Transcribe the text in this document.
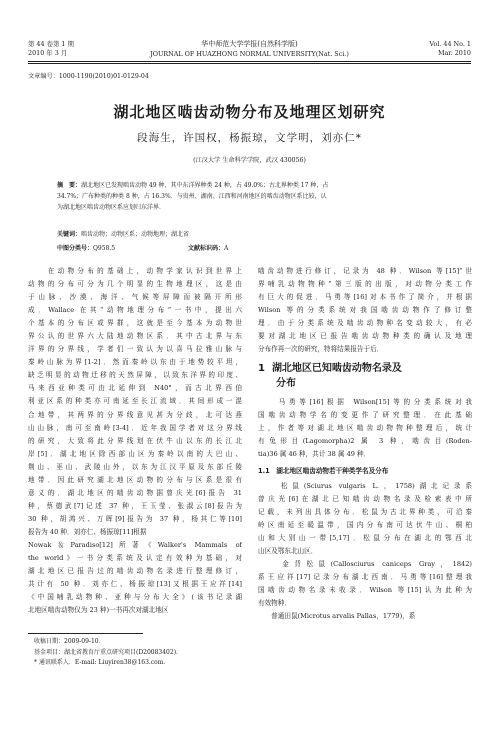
第 44 卷第 1 期
2010 年 3 月
华中师范大学学报(自然科学版)
JOURNAL OF HUAZHONG NORMAL UNIVERSITY(Nat. Sci.)
Vol. 44 No. 1
Mar. 2010
文章编号：1000-1190(2010)01-0129-04
湖北地区啮齿动物分布及地理区划研究
段海生，许国权，杨振琼，文学明，刘亦仁*
(江汉大学 生命科学学院，武汉 430056)
摘　要：湖北地区已发现啮齿动物 49 种，其中东洋界种类 24 种，占 49.0%；古北界种类 17 种，占
34.7%；广布种类的种类 8 种，占 16.3%．与贵州、湖南、江西和河南地区的啮齿动物区系比较，认
为湖北地区啮齿动物区系应划归东洋界．
关键词：啮齿动物；动物区系；动物地理；湖北省
中图分类号：Q958.5	文献标识码：A
　　在动物分布的基础上，动物学家认识到世界上
动物的分布可分为几个明显的生物地理区，这是由
于山脉、沙漠、海洋、气候等屏障而被隔开所形
成．Wallace 在其“动物地理分布”一书中，提出六
个基本的分布区或界群，这就是至今基本为动物世
界公认的世界六大陆地动物区系．其中古北界与东
洋界的分界线，学者们一致认为以喜马拉雅山脉与
秦岭山脉为界[1-2]．然而秦岭以东由于地势较平坦，
缺乏明显的动物迁移的天然屏障，以致东洋界的印度、
马来西亚种类可由北延伸到 N40°，而古北界西伯
利亚区系的种类亦可南延至长江流域．其间形成一混
合地带，其两界的分界线意见甚为分歧，北可达燕
山山脉，南可至南岭[3-4]．近年我国学者对这分界线
的研究，大致将此分界线划在伏牛山以东的长江北
岸[5]．湖北地区除西部山区为秦岭以南的大巴山、
荆山、巫山、武陵山外，以东为江汉平原及东部丘陵
地带．因此研究湖北地区动物的分布与区系是很有
意义的．湖北地区的啮齿动物据曾庆光[6]报告 31
种，蔡德武[7]记述 37 种，王玉莹、张淑云[8]报告为
30 种，胡鸿兴、万晖[9]报告为 37 种，杨其仁等[10]
报告为 40 种．刘亦仁、杨振琼[11]根据
Nowak＆Paradiso[12]所著《Walker's Mammals of
the world》一书分类系统及认定有效种为基础，对
湖北地区已报告过的啮齿动物名录进行整理修订，
共计有 50 种．刘亦仁、杨振琼[13]又根据王应祥[14]
《中国哺乳动物种、亚种与分布大全》(该书记录湖
北地区啮齿动物仅为 23 种)一书再次对湖北地区
啮齿动物进行修订，记录为 48 种．Wilson 等[15]“世
界哺乳动物物种”第三版的出版，对动物分类工作
有巨大的促进．马勇等[16]对本书作了简介，并根据
Wilson 等的分类系统对我国啮齿动物作了修订整
理．由于分类系统及啮齿动物种名变动较大，有必
要对湖北地区已报告啮齿动物种类的确认及地理
分布作再一次的研究，特将结果报告于后．
1 湖北地区已知啮齿动物名录及
分布
　　马勇等[16]根据 Wilson[15]等的分类系统对我
国啮齿动物学名的变更作了研究整理．在此基础
上，作者等对湖北地区啮齿动物物种整理后，统计
有兔形目(Lagomorpha)2 属 3 种，啮齿目(Roden-
tia)36 属 46 种，共计 38 属 49 种．
1.1　湖北地区啮齿动物若干种类学名及分布
　　松鼠(Sciurus vulgaris L.，1758)湖北记录系
曾庆光[6]在湖北已知啮齿动物名录及检索表中所
记载，未列出具体分布．松鼠为古北界种类，可沿秦
岭区南延至暖温带，国内分布南可达伏牛山、桐柏
山和大别山一带[5,17]．松鼠分布在湖北的鄂西北
山区及鄂东北山区．
　　金背松鼠(Callosciurus caniceps Gray，1842)
系王应祥[17]记录分布湖北西南．马勇等[16]整理我
国啮齿动物名录未收录．Wilson 等[15]认为此种为
有效物种．
　　普通田鼠(Microtus arvalis Pallas，1779)，系
收稿日期：2009-09-10．
基金项目：湖北省教育厅重点研究项目(D20083402)．
* 通讯联系人．E-mail: Liuyiren38@163.com．
